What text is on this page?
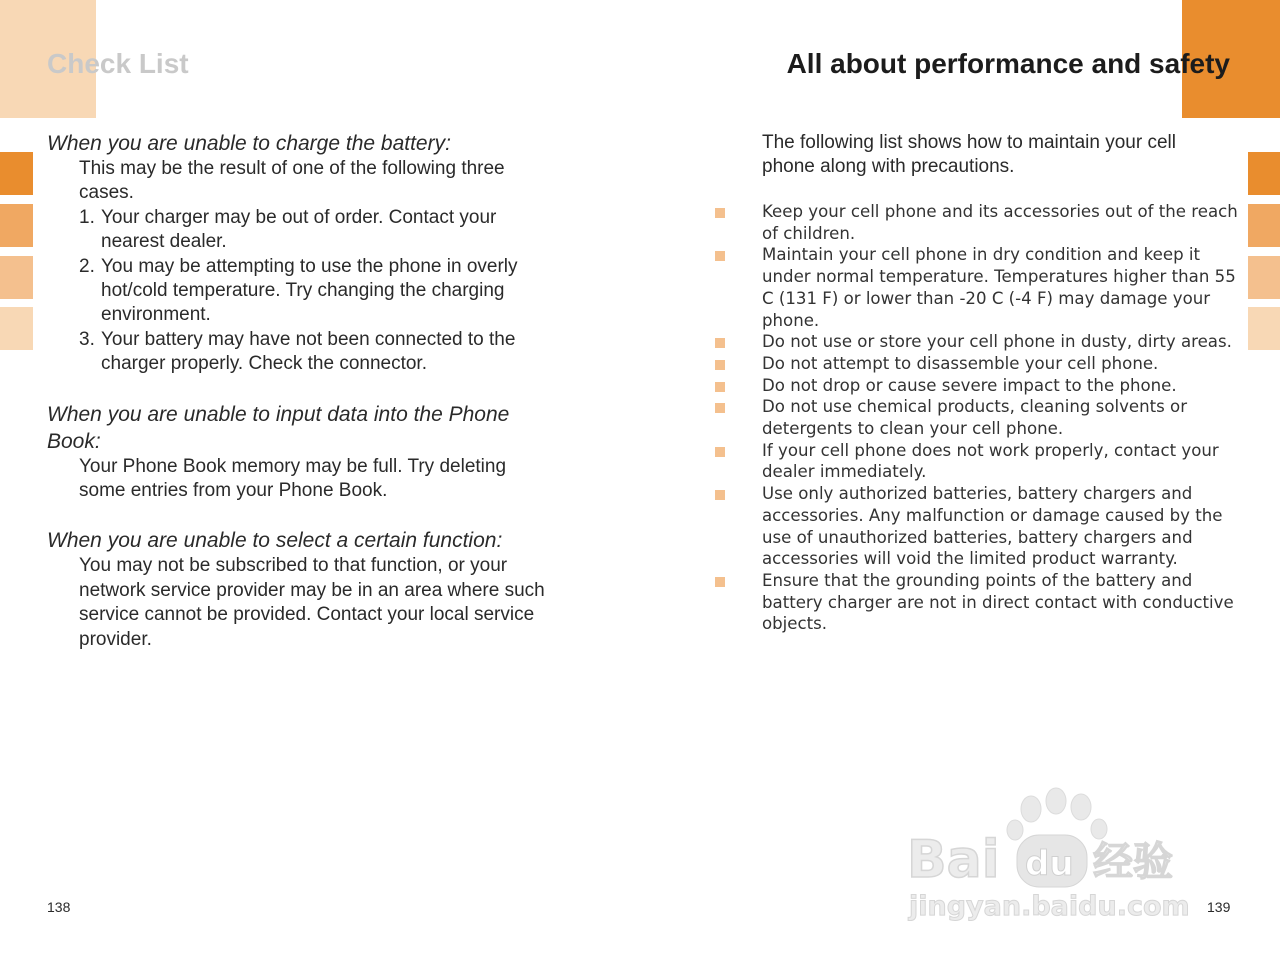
Check List	All about performance and safety

When you are unable to charge the battery:

This may be the result of one of the following three cases.
1. Your charger may be out of order. Contact your nearest dealer.
2. You may be attempting to use the phone in overly hot/cold temperature. Try changing the charging environment.
3. Your battery may have not been connected to the charger properly. Check the connector.

When you are unable to input data into the Phone Book:

Your Phone Book memory may be full. Try deleting some entries from your Phone Book.

When you are unable to select a certain function:

You may not be subscribed to that function, or your network service provider may be in an area where such service cannot be provided. Contact your local service provider.
The following list shows how to maintain your cell phone along with precautions.
Keep your cell phone and its accessories out of the reach of children.
Maintain your cell phone in dry condition and keep it under normal temperature. Temperatures higher than 55 C (131 F) or lower than -20 C (-4 F) may damage your phone.
Do not use or store your cell phone in dusty, dirty areas.
Do not attempt to disassemble your cell phone.
Do not drop or cause severe impact to the phone.
Do not use chemical products, cleaning solvents or detergents to clean your cell phone.
If your cell phone does not work properly, contact your dealer immediately.
Use only authorized batteries, battery chargers and accessories. Any malfunction or damage caused by the use of unauthorized batteries, battery chargers and accessories will void the limited product warranty.
Ensure that the grounding points of the battery and battery charger are not in direct contact with conductive objects.
138	139
Bai du 经验
jingyan.baidu.com
